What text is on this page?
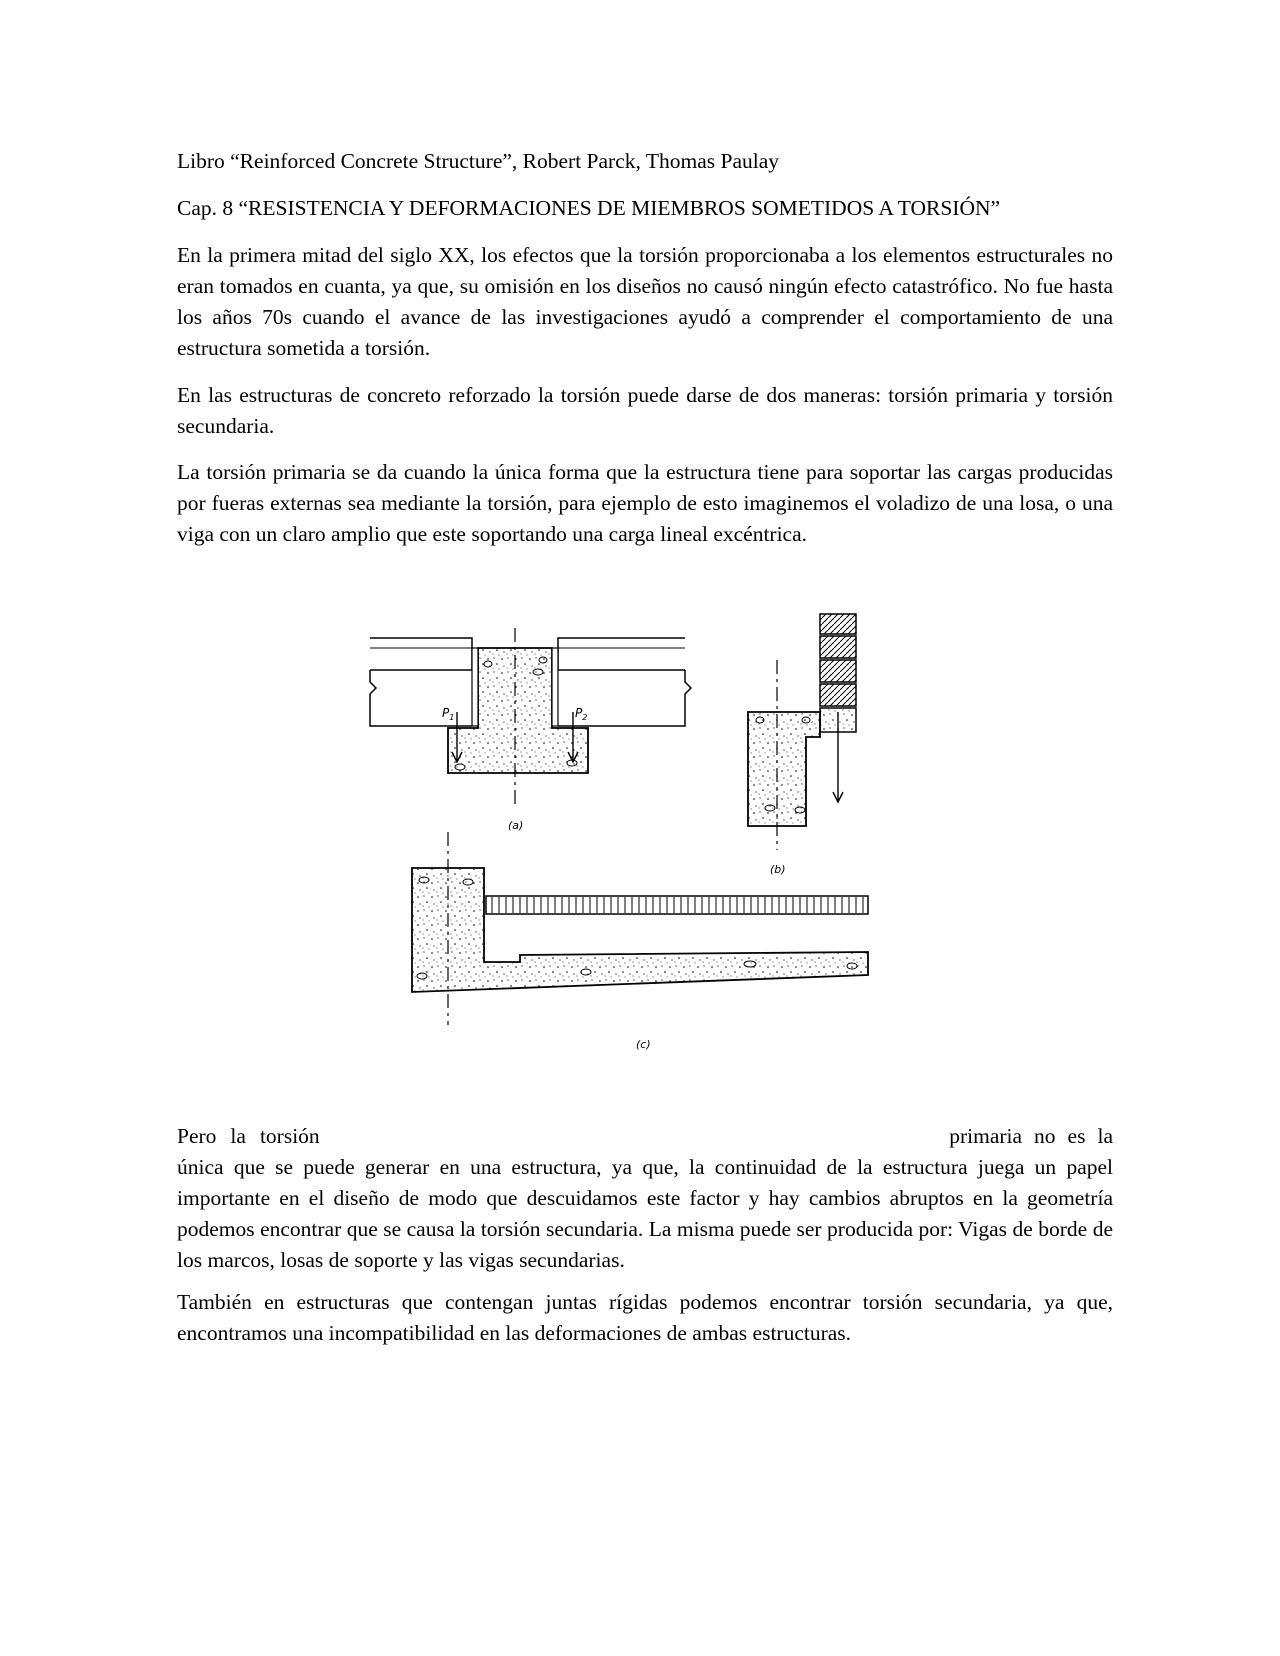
Libro “Reinforced Concrete Structure”, Robert Parck, Thomas Paulay
Cap. 8 “RESISTENCIA Y DEFORMACIONES DE MIEMBROS SOMETIDOS A TORSIÓN”
En la primera mitad del siglo XX, los efectos que la torsión proporcionaba a los elementos estructurales no eran tomados en cuanta, ya que, su omisión en los diseños no causó ningún efecto catastrófico. No fue hasta los años 70s cuando el avance de las investigaciones ayudó a comprender el comportamiento de una estructura sometida a torsión.
En las estructuras de concreto reforzado la torsión puede darse de dos maneras: torsión primaria y torsión secundaria.
La torsión primaria se da cuando la única forma que la estructura tiene para soportar las cargas producidas por fueras externas sea mediante la torsión, para ejemplo de esto imaginemos el voladizo de una losa, o una viga con un claro amplio que este soportando una carga lineal excéntrica.
$P_1$	$P_2$
(a)
(b)
(c)
Pero la torsión	primaria no es la
única que se puede generar en una estructura, ya que, la continuidad de la estructura juega un papel importante en el diseño de modo que descuidamos este factor y hay cambios abruptos en la geometría podemos encontrar que se causa la torsión secundaria. La misma puede ser producida por: Vigas de borde de los marcos, losas de soporte y las vigas secundarias.
También en estructuras que contengan juntas rígidas podemos encontrar torsión secundaria, ya que, encontramos una incompatibilidad en las deformaciones de ambas estructuras.
